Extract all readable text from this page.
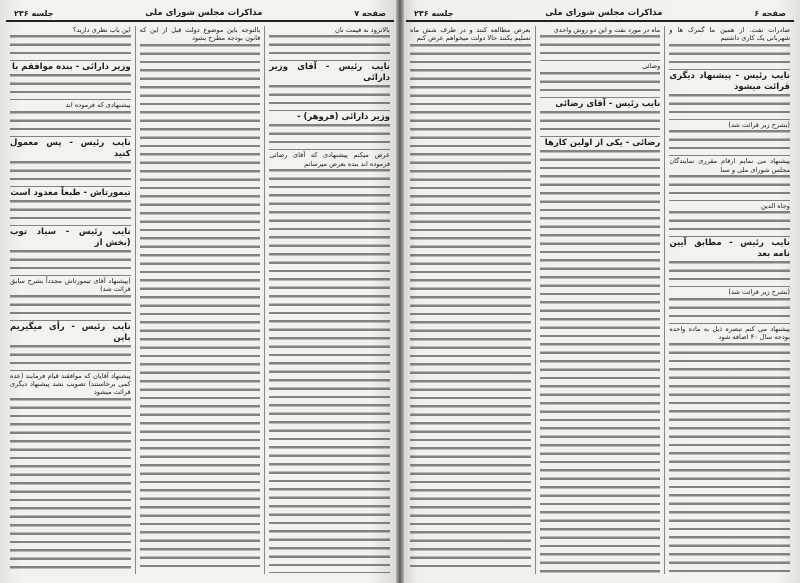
صفحه ۷
مذاکرات مجلس شورای ملی
جلسه ۲۳۶
بالاترود نه قیمت نان
نایب رئیس - آقای وزیر دارائی
وزیر دارائی (فروهر) -
عرض میکنم پیشنهادی که آقای رضائی فرموده اند بنده بعرض میرسانم
بالتوجه باین موضوع دولت قبل از این که قانون بودجه مطرح بشود
این باب نظری دارید؟
وزیر دارائی - بنده موافقم با
پیشنهادی که فرموده اند
نایب رئیس - پس معمول کنید
تیمورتاش - طبعاً معدود است
نایب رئیس - سیاد توب (بخش از
(پیشنهاد آقای تیمورتاش مجدداً بشرح سابق قرائت شد)
نایب رئیس - رأی میگیریم باین
پیشنهاد آقایان که موافقند قیام فرمایند (عده کمی برخاستند) تصویب نشد پیشنهاد دیگری قرائت میشود
صفحه ۶
مذاکرات مجلس شورای ملی
جلسه ۲۳۶
صادرات نفت. از همین ما گمرک ها و شهربانی یک کاری داشتیم
نایب رئیس - پیشنهاد دیگری قرائت میشود
(بشرح زیر قرائت شد)
پیشنهاد می نمایم ارقام مقرری نمایندگان مجلس شورای ملی و سنا
وجاه الدین
نایب رئیس - مطابق آیین نامه بعد
(بشرح زیر قرائت شد)
پیشنهاد می کنم تبصره ذیل به ماده واحده بودجه سال ۴۰ اضافه شود
ماه در مورد نفت و این دو روش واحدی
وضائی
نایب رئیس - آقای رضائی
رضائی - یکی از اولین کارها
بعرض مطالعه کنند و در طرف شش ماه تسلیم بکنند حالا دولت میخواهم عرض کنم
